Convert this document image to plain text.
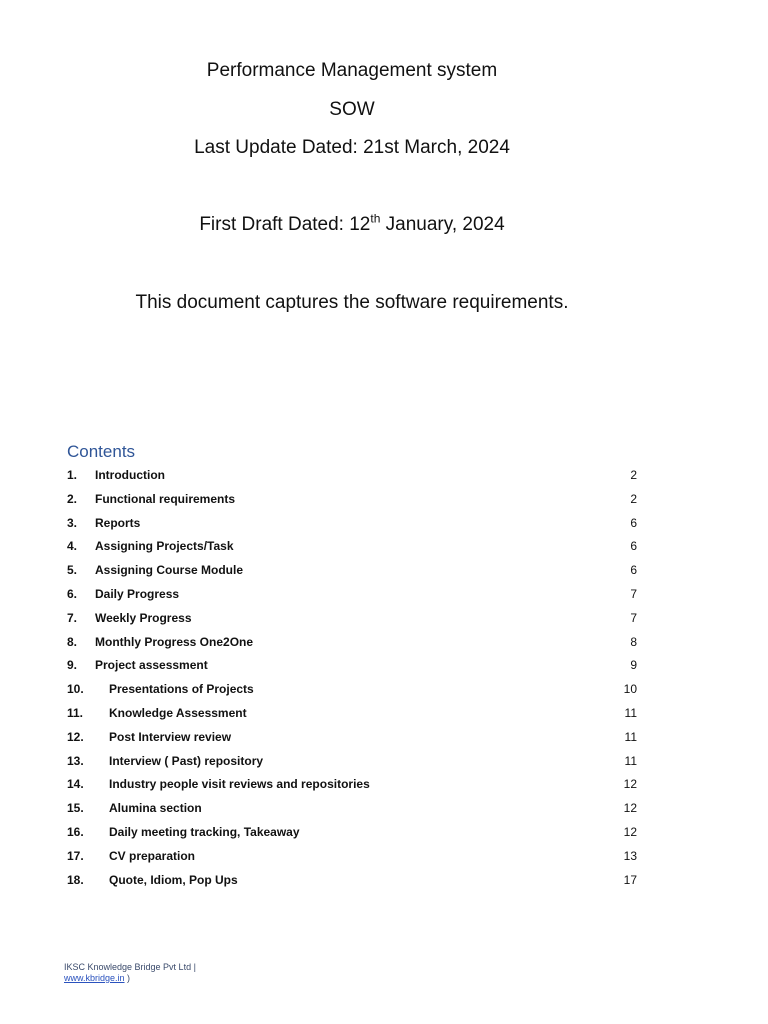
Performance Management system
SOW
Last Update Dated: 21st March, 2024
First Draft Dated: 12th January, 2024
This document captures the software requirements.
Contents
1. Introduction	2
2. Functional requirements	2
3. Reports	6
4. Assigning Projects/Task	6
5. Assigning Course Module	6
6. Daily Progress	7
7. Weekly Progress	7
8. Monthly Progress One2One	8
9. Project assessment	9
10. Presentations of Projects	10
11. Knowledge Assessment	11
12. Post Interview review	11
13. Interview ( Past) repository	11
14. Industry people visit reviews and repositories	12
15. Alumina section	12
16. Daily meeting tracking, Takeaway	12
17. CV preparation	13
18. Quote, Idiom, Pop Ups	17
IKSC Knowledge Bridge Pvt Ltd |
www.kbridge.in )
